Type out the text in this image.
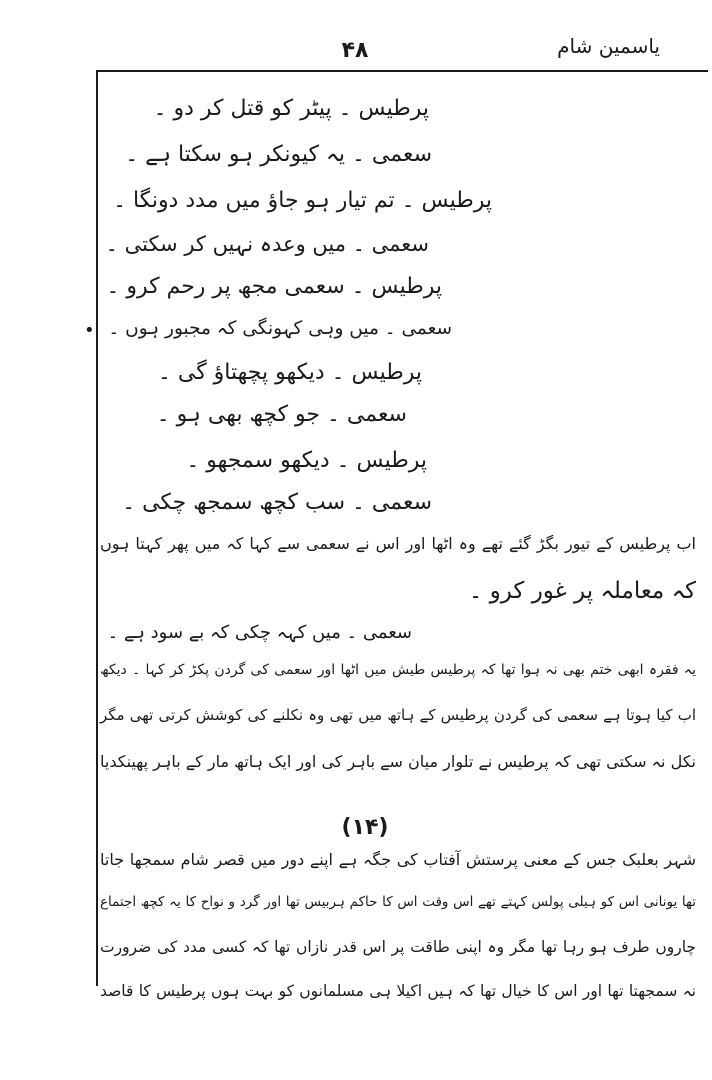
۴۸	یاسمین شام
•
پرطیس ۔ پیٹر کو قتل کر دو ۔
سعمی ۔ یہ کیونکر ہو سکتا ہے ۔
پرطیس ۔ تم تیار ہو جاؤ میں مدد دونگا ۔
سعمی ۔ میں وعدہ نہیں کر سکتی ۔
پرطیس ۔ سعمی مجھ پر رحم کرو ۔
سعمی ۔ میں وہی کہونگی کہ مجبور ہوں ۔
پرطیس ۔ دیکھو پچھتاؤ گی ۔
سعمی ۔ جو کچھ بھی ہو ۔
پرطیس ۔ دیکھو سمجھو ۔
سعمی ۔ سب کچھ سمجھ چکی ۔
اب پرطیس کے تیور بگڑ گئے تھے وہ اٹھا اور اس نے سعمی سے کہا کہ میں پھر کہتا ہوں
کہ معاملہ پر غور کرو ۔
سعمی ۔ میں کہہ چکی کہ بے سود ہے ۔
یہ فقرہ ابھی ختم بھی نہ ہوا تھا کہ پرطیس طیش میں اٹھا اور سعمی کی گردن پکڑ کر کہا ۔ دیکھ
اب کیا ہوتا ہے سعمی کی گردن پرطیس کے ہاتھ میں تھی وہ نکلنے کی کوشش کرتی تھی مگر
نکل نہ سکتی تھی کہ پرطیس نے تلوار میان سے باہر کی اور ایک ہاتھ مار کے باہر پھینکدیا
(۱۴)
شہر بعلبک جس کے معنی پرستش آفتاب کی جگہ ہے اپنے دور میں قصر شام سمجھا جاتا
تھا یونانی اس کو ہیلی پولس کہتے تھے اس وقت اس کا حاکم ہربیس تھا اور گرد و نواح کا یہ کچھ اجتماع
چاروں طرف ہو رہا تھا مگر وہ اپنی طاقت پر اس قدر نازاں تھا کہ کسی مدد کی ضرورت
نہ سمجھتا تھا اور اس کا خیال تھا کہ ہیں اکیلا ہی مسلمانوں کو بہت ہوں پرطیس کا قاصد
